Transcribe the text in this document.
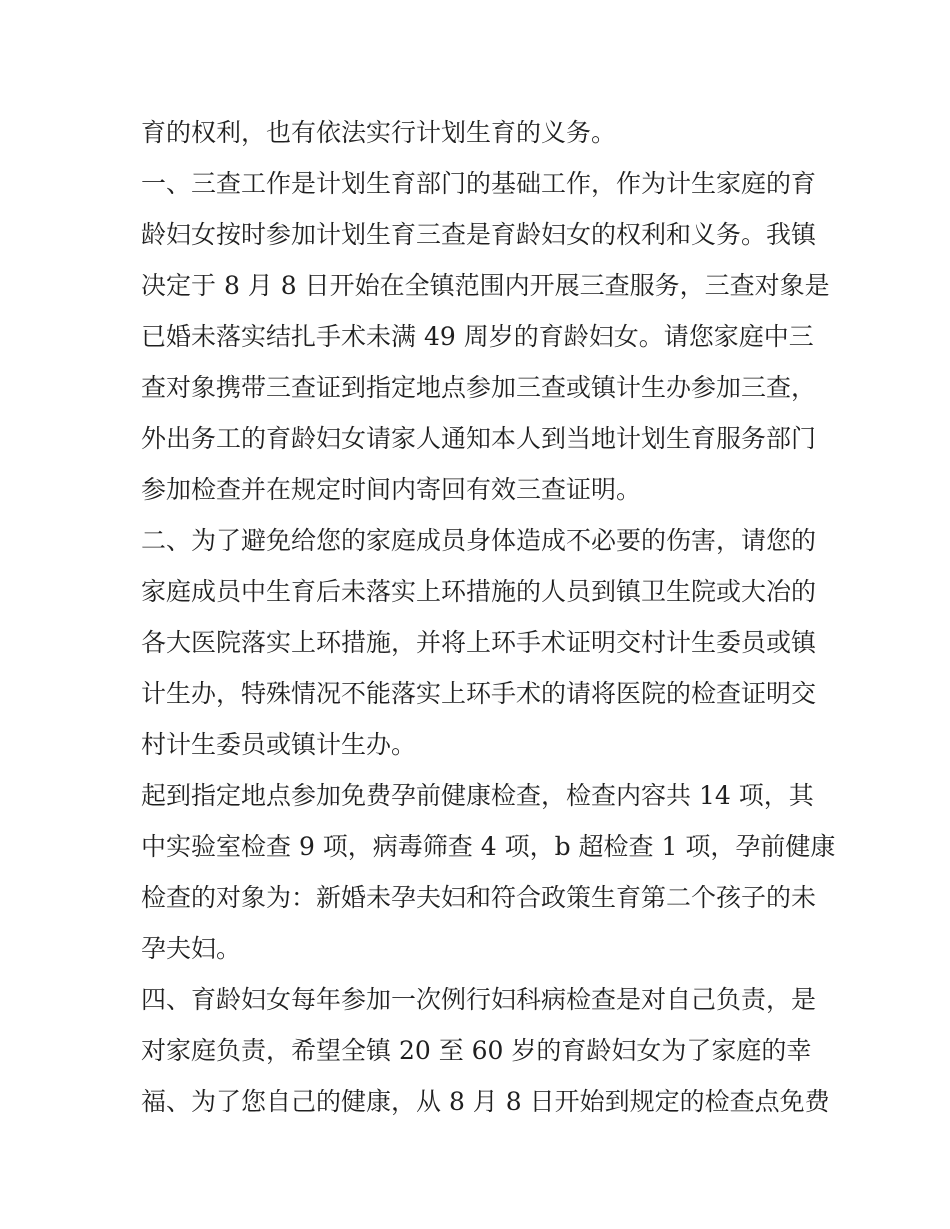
育的权利，也有依法实行计划生育的义务。
一、三查工作是计划生育部门的基础工作，作为计生家庭的育
龄妇女按时参加计划生育三查是育龄妇女的权利和义务。我镇
决定于 8 月 8 日开始在全镇范围内开展三查服务，三查对象是
已婚未落实结扎手术未满 49 周岁的育龄妇女。请您家庭中三
查对象携带三查证到指定地点参加三查或镇计生办参加三查，
外出务工的育龄妇女请家人通知本人到当地计划生育服务部门
参加检查并在规定时间内寄回有效三查证明。
二、为了避免给您的家庭成员身体造成不必要的伤害，请您的
家庭成员中生育后未落实上环措施的人员到镇卫生院或大冶的
各大医院落实上环措施，并将上环手术证明交村计生委员或镇
计生办，特殊情况不能落实上环手术的请将医院的检查证明交
村计生委员或镇计生办。
起到指定地点参加免费孕前健康检查，检查内容共 14 项，其
中实验室检查 9 项，病毒筛查 4 项，b 超检查 1 项，孕前健康
检查的对象为：新婚未孕夫妇和符合政策生育第二个孩子的未
孕夫妇。
四、育龄妇女每年参加一次例行妇科病检查是对自己负责，是
对家庭负责，希望全镇 20 至 60 岁的育龄妇女为了家庭的幸
福、为了您自己的健康，从 8 月 8 日开始到规定的检查点免费
